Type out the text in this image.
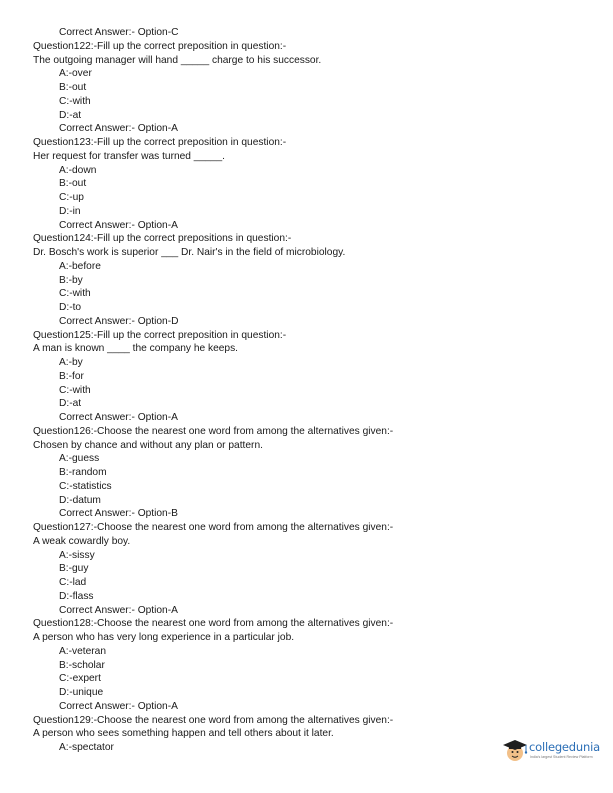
Correct Answer:- Option-C
Question122:-Fill up the correct preposition in question:-
The outgoing manager will hand _____ charge to his successor.
A:-over
B:-out
C:-with
D:-at
Correct Answer:- Option-A
Question123:-Fill up the correct preposition in question:-
Her request for transfer was turned _____.
A:-down
B:-out
C:-up
D:-in
Correct Answer:- Option-A
Question124:-Fill up the correct prepositions in question:-
Dr. Bosch's work is superior ___ Dr. Nair's in the field of microbiology.
A:-before
B:-by
C:-with
D:-to
Correct Answer:- Option-D
Question125:-Fill up the correct preposition in question:-
A man is known ____ the company he keeps.
A:-by
B:-for
C:-with
D:-at
Correct Answer:- Option-A
Question126:-Choose the nearest one word from among the alternatives given:-
Chosen by chance and without any plan or pattern.
A:-guess
B:-random
C:-statistics
D:-datum
Correct Answer:- Option-B
Question127:-Choose the nearest one word from among the alternatives given:-
A weak cowardly boy.
A:-sissy
B:-guy
C:-lad
D:-flass
Correct Answer:- Option-A
Question128:-Choose the nearest one word from among the alternatives given:-
A person who has very long experience in a particular job.
A:-veteran
B:-scholar
C:-expert
D:-unique
Correct Answer:- Option-A
Question129:-Choose the nearest one word from among the alternatives given:-
A person who sees something happen and tell others about it later.
A:-spectator	collegedunia
India's largest Student Review Platform
